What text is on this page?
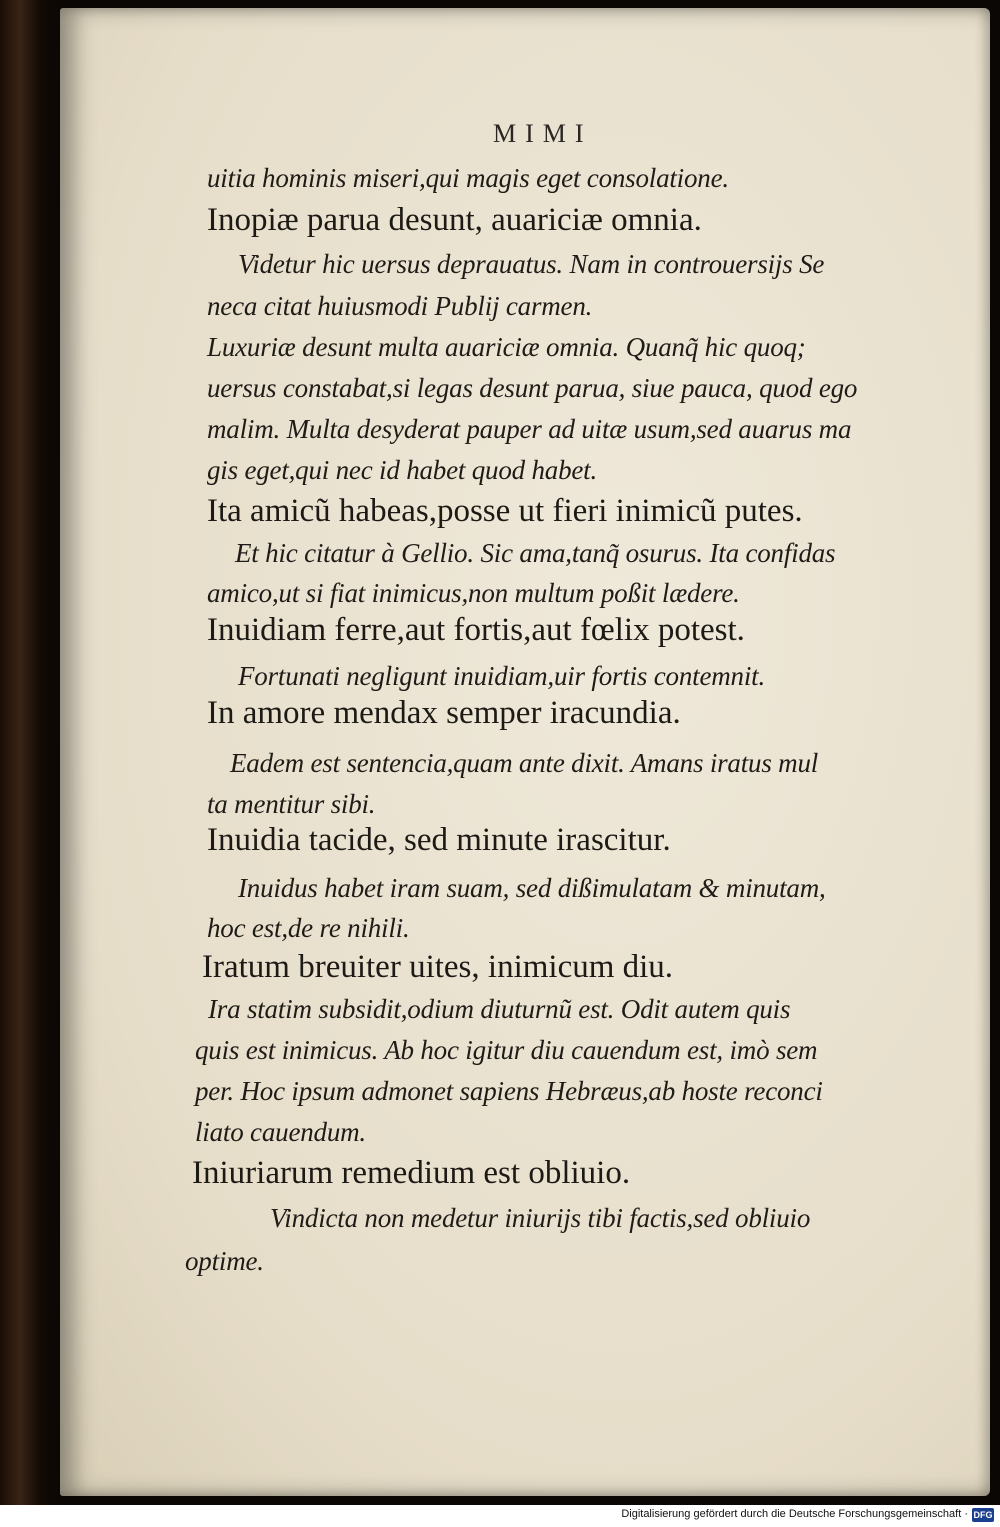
MIMI
uitia hominis miseri,qui magis eget consolatione.
Inopiæ parua desunt, auariciæ omnia.
Videtur hic uersus deprauatus. Nam in controuersijs Se
neca citat huiusmodi Publij carmen.
Luxuriæ desunt multa auariciæ omnia. Quanq̃ hic quoq;
uersus constabat,si legas desunt parua, siue pauca, quod ego
malim. Multa desyderat pauper ad uitæ usum,sed auarus ma
gis eget,qui nec id habet quod habet.
Ita amicũ habeas,posse ut fieri inimicũ putes.
Et hic citatur à Gellio. Sic ama,tanq̃ osurus. Ita confidas
amico,ut si fiat inimicus,non multum poßit lædere.
Inuidiam ferre,aut fortis,aut fœlix potest.
Fortunati negligunt inuidiam,uir fortis contemnit.
In amore mendax semper iracundia.
Eadem est sentencia,quam ante dixit. Amans iratus mul
ta mentitur sibi.
Inuidia tacide, sed minute irascitur.
Inuidus habet iram suam, sed dißimulatam & minutam,
hoc est,de re nihili.
Iratum breuiter uites, inimicum diu.
Ira statim subsidit,odium diuturnũ est. Odit autem quis
quis est inimicus. Ab hoc igitur diu cauendum est, imò sem
per. Hoc ipsum admonet sapiens Hebræus,ab hoste reconci
liato cauendum.
Iniuriarum remedium est obliuio.
Vindicta non medetur iniurijs tibi factis,sed obliuio
optime.
Digitalisierung gefördert durch die Deutsche Forschungsgemeinschaft · DFG
